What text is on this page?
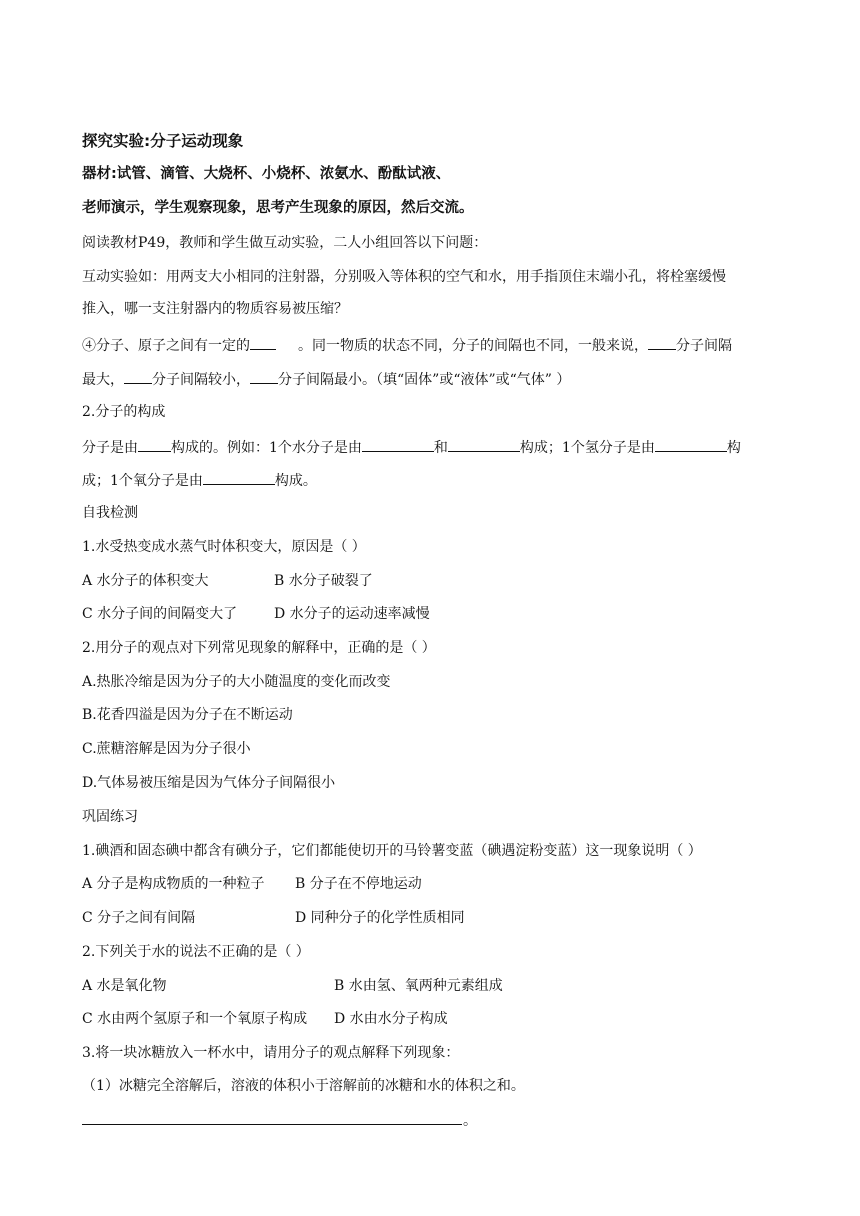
探究实验:分子运动现象
器材:试管、滴管、大烧杯、小烧杯、浓氨水、酚酞试液、
老师演示，学生观察现象，思考产生现象的原因，然后交流。
阅读教材P49，教师和学生做互动实验，二人小组回答以下问题：
互动实验如：用两支大小相同的注射器，分别吸入等体积的空气和水，用手指顶住末端小孔，将栓塞缓慢
推入，哪一支注射器内的物质容易被压缩？
④分子、原子之间有一定的	。同一物质的状态不同，分子的间隔也不同，一般来说， 分子间隔
最大， 分子间隔较小， 分子间隔最小。（填“固体”或“液体”或“气体” ）
2.分子的构成
分子是由 构成的。例如：1个水分子是由	和	构成；1个氢分子是由	构
成；1个氧分子是由	构成。
自我检测
1.水受热变成水蒸气时体积变大，原因是（ ）
A 水分子的体积变大	B 水分子破裂了
C 水分子间的间隔变大了	D 水分子的运动速率减慢
2.用分子的观点对下列常见现象的解释中，正确的是（ ）
A.热胀冷缩是因为分子的大小随温度的变化而改变
B.花香四溢是因为分子在不断运动
C.蔗糖溶解是因为分子很小
D.气体易被压缩是因为气体分子间隔很小
巩固练习
1.碘酒和固态碘中都含有碘分子，它们都能使切开的马铃薯变蓝（碘遇淀粉变蓝）这一现象说明（ ）
A 分子是构成物质的一种粒子 B 分子在不停地运动
C 分子之间有间隔	D 同种分子的化学性质相同
2.下列关于水的说法不正确的是（ ）
A 水是氧化物	B 水由氢、氧两种元素组成
C 水由两个氢原子和一个氧原子构成 D 水由水分子构成
3.将一块冰糖放入一杯水中，请用分子的观点解释下列现象：
（1）冰糖完全溶解后，溶液的体积小于溶解前的冰糖和水的体积之和。
。
